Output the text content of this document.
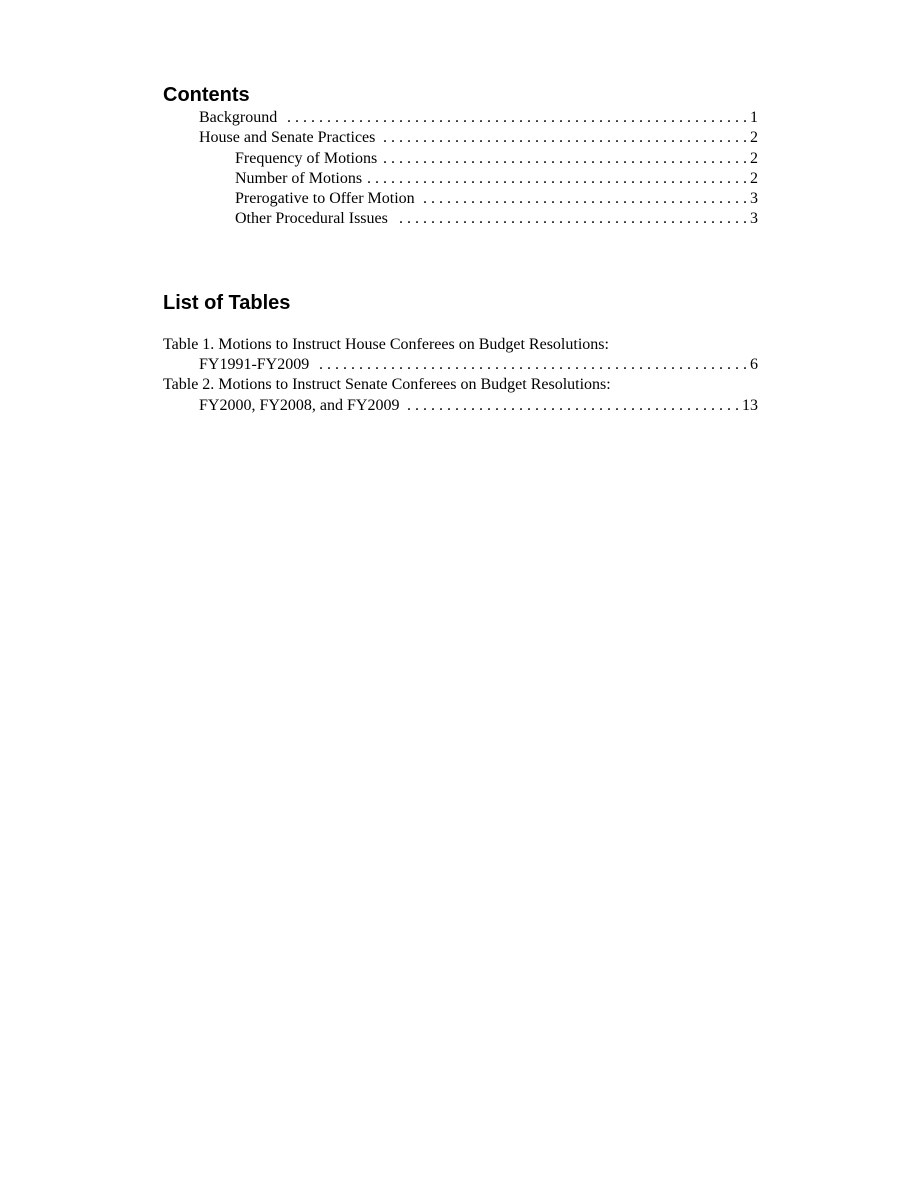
Contents
Background . . .	1
House and Senate Practices . . .	2
Frequency of Motions . . .	2
Number of Motions . . .	2
Prerogative to Offer Motion . . .	3
Other Procedural Issues . . .	3
List of Tables
Table 1. Motions to Instruct House Conferees on Budget Resolutions:
FY1991-FY2009 . . .	6
Table 2. Motions to Instruct Senate Conferees on Budget Resolutions:
FY2000, FY2008, and FY2009 . . .	13
